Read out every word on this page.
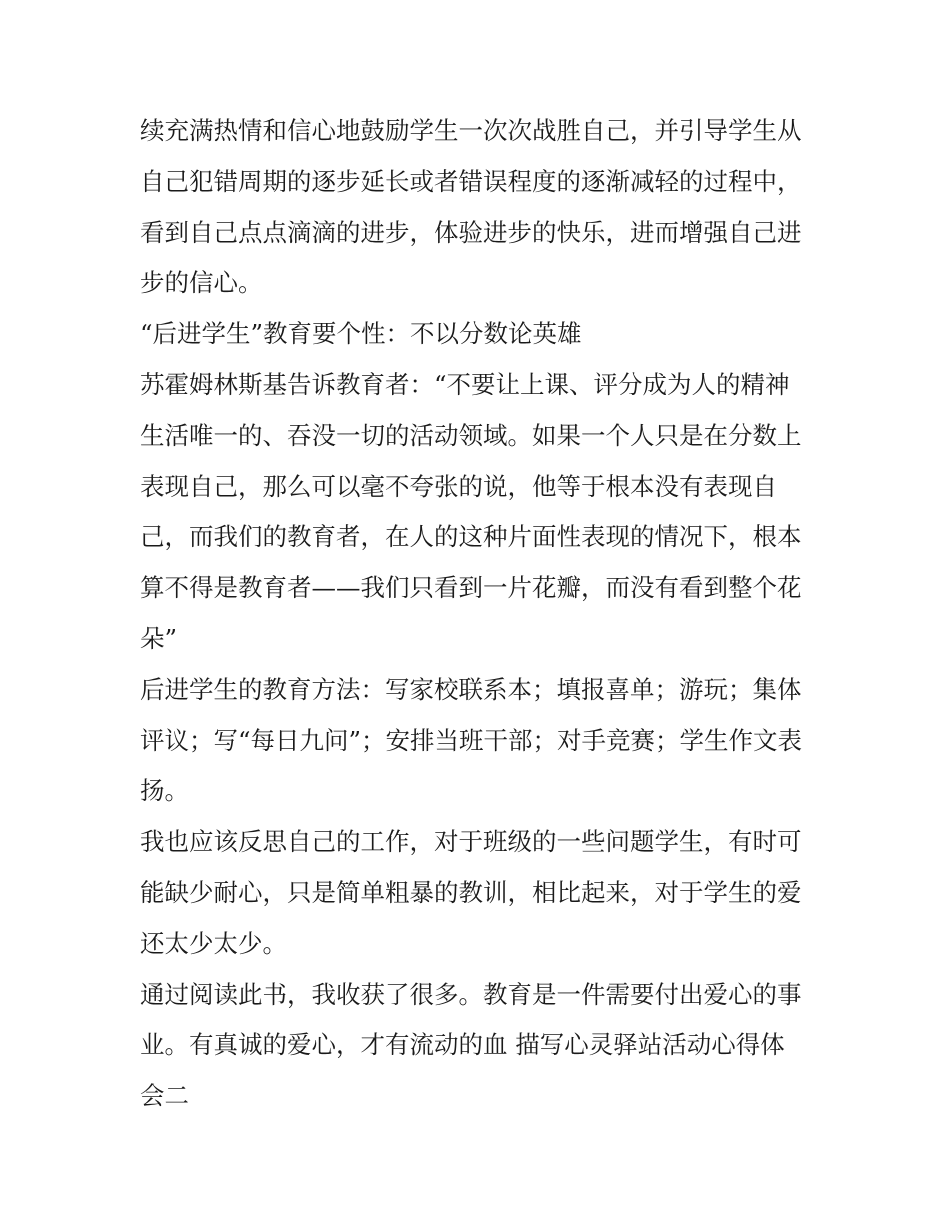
续充满热情和信心地鼓励学生一次次战胜自己，并引导学生从
自己犯错周期的逐步延长或者错误程度的逐渐减轻的过程中，
看到自己点点滴滴的进步，体验进步的快乐，进而增强自己进
步的信心。
“后进学生”教育要个性：不以分数论英雄
苏霍姆林斯基告诉教育者：“不要让上课、评分成为人的精神
生活唯一的、吞没一切的活动领域。如果一个人只是在分数上
表现自己，那么可以毫不夸张的说，他等于根本没有表现自
己，而我们的教育者，在人的这种片面性表现的情况下，根本
算不得是教育者——我们只看到一片花瓣，而没有看到整个花
朵”
后进学生的教育方法：写家校联系本；填报喜单；游玩；集体
评议；写“每日九问”；安排当班干部；对手竞赛；学生作文表
扬。
我也应该反思自己的工作，对于班级的一些问题学生，有时可
能缺少耐心，只是简单粗暴的教训，相比起来，对于学生的爱
还太少太少。
通过阅读此书，我收获了很多。教育是一件需要付出爱心的事
业。有真诚的爱心，才有流动的血 描写心灵驿站活动心得体
会二
